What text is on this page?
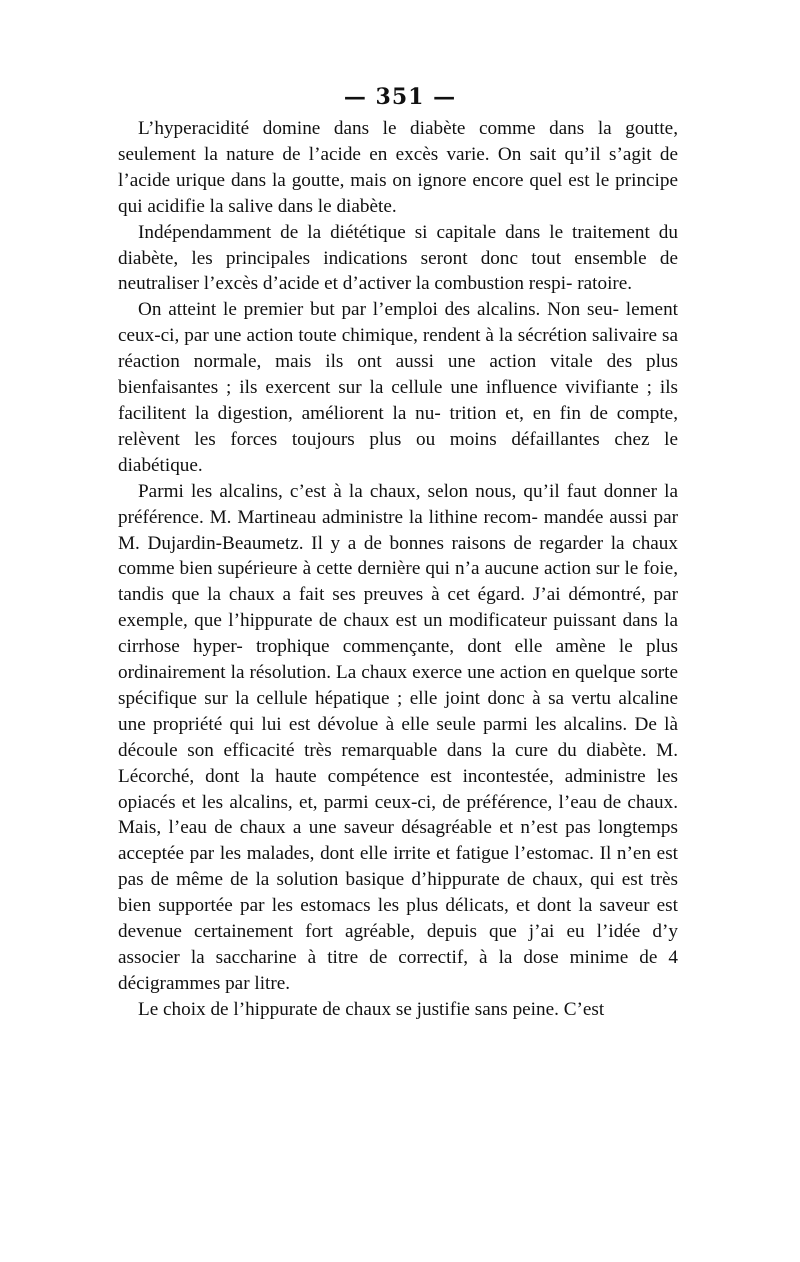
— 351 —

L’hyperacidité domine dans le diabète comme dans la goutte, seulement la nature de l’acide en excès varie. On sait qu’il s’agit de l’acide urique dans la goutte, mais on ignore encore quel est le principe qui acidifie la salive dans le diabète.

Indépendamment de la diététique si capitale dans le traitement du diabète, les principales indications seront donc tout ensemble de neutraliser l’excès d’acide et d’activer la combustion respi- ratoire.

On atteint le premier but par l’emploi des alcalins. Non seu- lement ceux-ci, par une action toute chimique, rendent à la sécrétion salivaire sa réaction normale, mais ils ont aussi une action vitale des plus bienfaisantes ; ils exercent sur la cellule une influence vivifiante ; ils facilitent la digestion, améliorent la nu- trition et, en fin de compte, relèvent les forces toujours plus ou moins défaillantes chez le diabétique.

Parmi les alcalins, c’est à la chaux, selon nous, qu’il faut donner la préférence. M. Martineau administre la lithine recom- mandée aussi par M. Dujardin-Beaumetz. Il y a de bonnes raisons de regarder la chaux comme bien supérieure à cette dernière qui n’a aucune action sur le foie, tandis que la chaux a fait ses preuves à cet égard. J’ai démontré, par exemple, que l’hippurate de chaux est un modificateur puissant dans la cirrhose hyper- trophique commençante, dont elle amène le plus ordinairement la résolution. La chaux exerce une action en quelque sorte spécifique sur la cellule hépatique ; elle joint donc à sa vertu alcaline une propriété qui lui est dévolue à elle seule parmi les alcalins. De là découle son efficacité très remarquable dans la cure du diabète. M. Lécorché, dont la haute compétence est incontestée, administre les opiacés et les alcalins, et, parmi ceux-ci, de préférence, l’eau de chaux. Mais, l’eau de chaux a une saveur désagréable et n’est pas longtemps acceptée par les malades, dont elle irrite et fatigue l’estomac. Il n’en est pas de même de la solution basique d’hippurate de chaux, qui est très bien supportée par les estomacs les plus délicats, et dont la saveur est devenue certainement fort agréable, depuis que j’ai eu l’idée d’y associer la saccharine à titre de correctif, à la dose minime de 4 décigrammes par litre.

Le choix de l’hippurate de chaux se justifie sans peine. C’est
